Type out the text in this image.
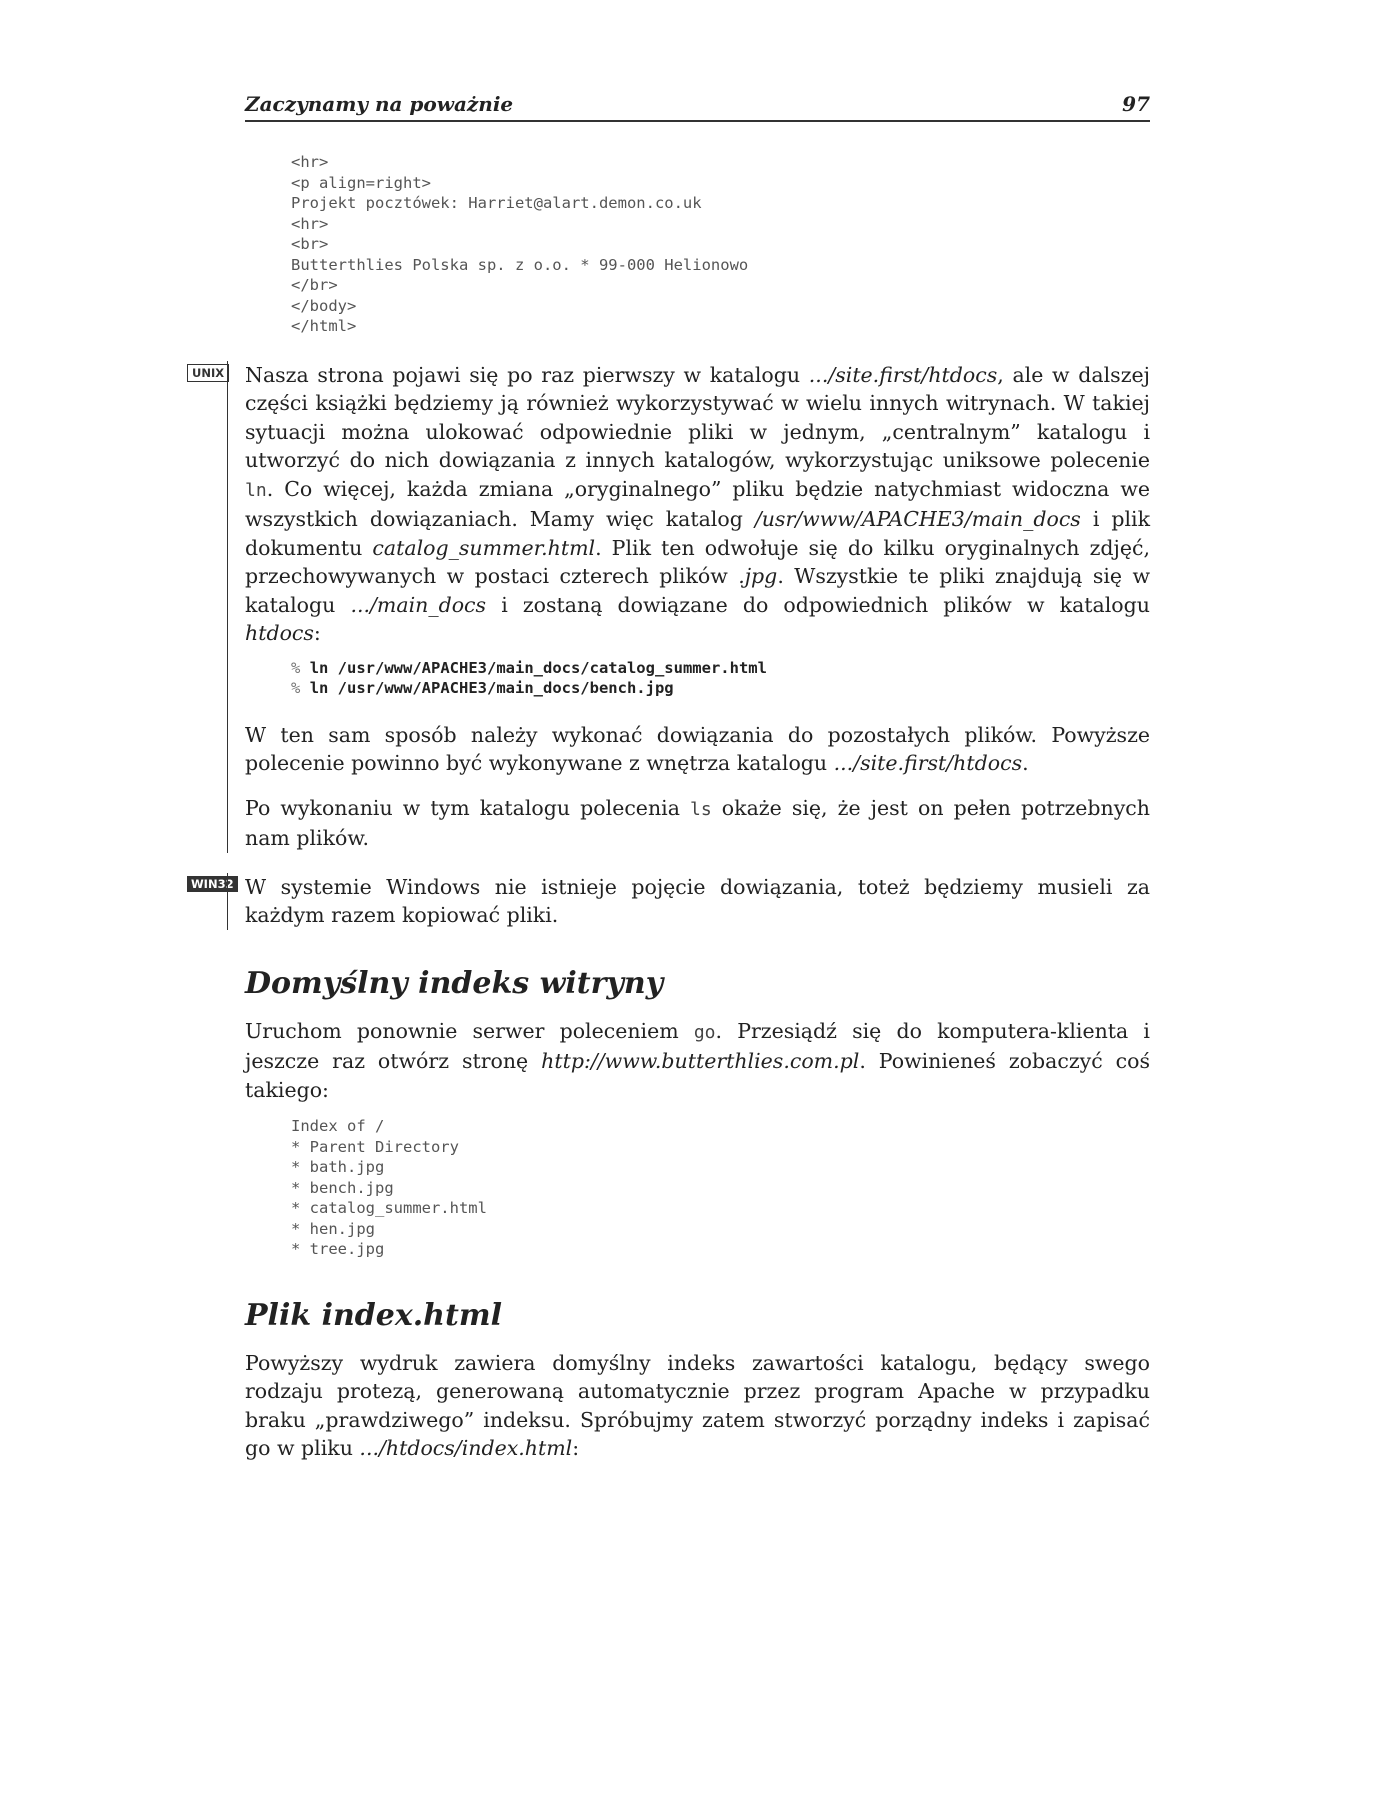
Zaczynamy na poważnie	97
<hr>
<p align=right>
Projekt pocztówek: Harriet@alart.demon.co.uk
<hr>
<br>
Butterthlies Polska sp. z o.o. * 99-000 Helionowo
</br>
</body>
</html>
UNIX Nasza strona pojawi się po raz pierwszy w katalogu .../site.first/htdocs, ale w dalszej części książki będziemy ją również wykorzystywać w wielu innych witrynach. W takiej sytuacji można ulokować odpowiednie pliki w jednym, „centralnym” katalogu i utworzyć do nich dowiązania z innych katalogów, wykorzystując uniksowe polecenie ln. Co więcej, każda zmiana „oryginalnego” pliku będzie natychmiast widoczna we wszystkich dowiązaniach. Mamy więc katalog /usr/www/APACHE3/main_docs i plik dokumentu catalog_summer.html. Plik ten odwołuje się do kilku oryginalnych zdjęć, przechowywanych w postaci czterech plików .jpg. Wszystkie te pliki znajdują się w katalogu .../main_docs i zostaną dowiązane do odpowiednich plików w katalogu htdocs:

% ln /usr/www/APACHE3/main_docs/catalog_summer.html
% ln /usr/www/APACHE3/main_docs/bench.jpg

W ten sam sposób należy wykonać dowiązania do pozostałych plików. Powyższe polecenie powinno być wykonywane z wnętrza katalogu .../site.first/htdocs.

Po wykonaniu w tym katalogu polecenia ls okaże się, że jest on pełen potrzebnych nam plików.

WIN32 W systemie Windows nie istnieje pojęcie dowiązania, toteż będziemy musieli za każdym razem kopiować pliki.

Domyślny indeks witryny

Uruchom ponownie serwer poleceniem go. Przesiądź się do komputera-klienta i jeszcze raz otwórz stronę http://www.butterthlies.com.pl. Powinieneś zobaczyć coś takiego:

Index of /
* Parent Directory
* bath.jpg
* bench.jpg
* catalog_summer.html
* hen.jpg
* tree.jpg
Plik index.html

Powyższy wydruk zawiera domyślny indeks zawartości katalogu, będący swego rodzaju protezą, generowaną automatycznie przez program Apache w przypadku braku „prawdziwego” indeksu. Spróbujmy zatem stworzyć porządny indeks i zapisać go w pliku .../htdocs/index.html:
